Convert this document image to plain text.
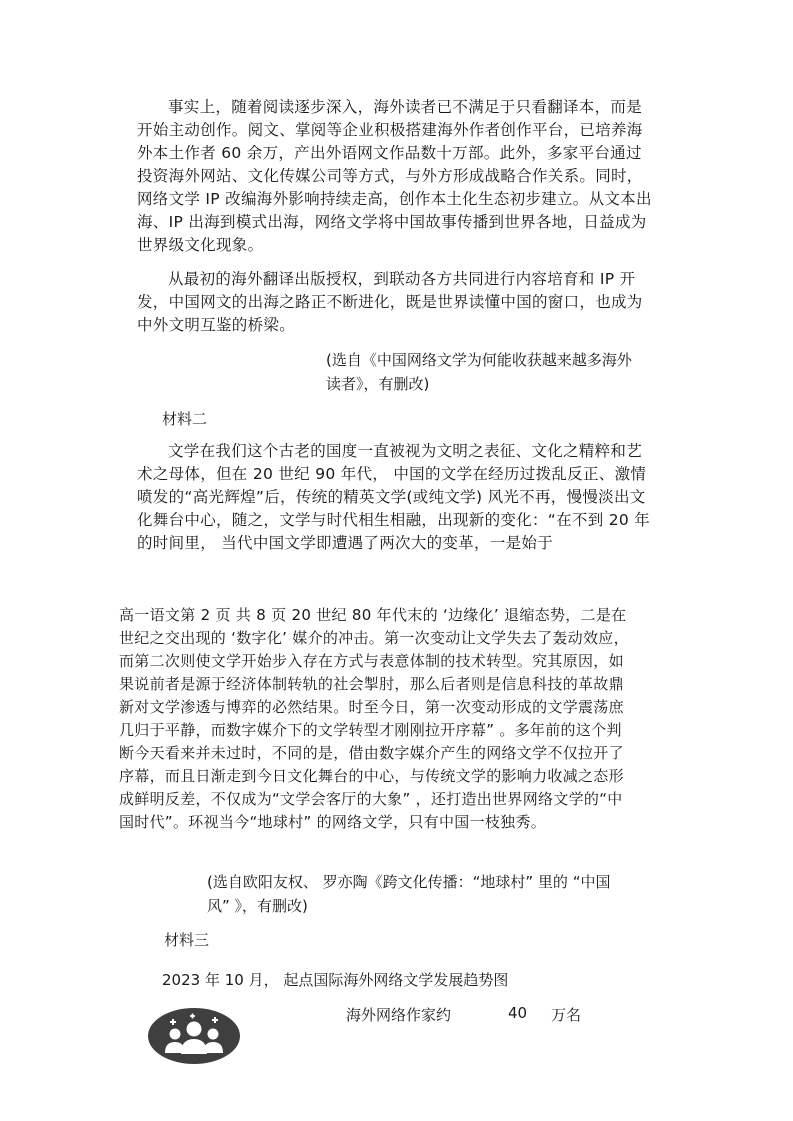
事实上，随着阅读逐步深入，海外读者已不满足于只看翻译本，而是开始主动创作。阅文、掌阅等企业积极搭建海外作者创作平台，已培养海外本土作者 60 余万，产出外语网文作品数十万部。此外，多家平台通过投资海外网站、文化传媒公司等方式，与外方形成战略合作关系。同时，网络文学 IP 改编海外影响持续走高，创作本土化生态初步建立。从文本出海、IP 出海到模式出海，网络文学将中国故事传播到世界各地，日益成为世界级文化现象。
从最初的海外翻译出版授权，到联动各方共同进行内容培育和 IP 开发，中国网文的出海之路正不断进化，既是世界读懂中国的窗口，也成为中外文明互鉴的桥梁。
(选自《中国网络文学为何能收获越来越多海外
读者》，有删改)
材料二
文学在我们这个古老的国度一直被视为文明之表征、文化之精粹和艺术之母体，但在 20 世纪 90 年代， 中国的文学在经历过拨乱反正、激情喷发的“高光辉煌”后，传统的精英文学(或纯文学) 风光不再，慢慢淡出文化舞台中心，随之，文学与时代相生相融，出现新的变化：“在不到 20 年的时间里， 当代中国文学即遭遇了两次大的变革，一是始于
高一语文第 2 页 共 8 页 20 世纪 80 年代末的 ‘边缘化’ 退缩态势，二是在世纪之交出现的 ‘数字化’ 媒介的冲击。第一次变动让文学失去了轰动效应，而第二次则使文学开始步入存在方式与表意体制的技术转型。究其原因，如果说前者是源于经济体制转轨的社会掣肘，那么后者则是信息科技的革故鼎新对文学渗透与博弈的必然结果。时至今日，第一次变动形成的文学震荡庶几归于平静，而数字媒介下的文学转型才刚刚拉开序幕” 。多年前的这个判断今天看来并未过时，不同的是，借由数字媒介产生的网络文学不仅拉开了序幕，而且日渐走到今日文化舞台的中心，与传统文学的影响力收减之态形成鲜明反差，不仅成为“文学会客厅的大象” ，还打造出世界网络文学的“中国时代”。环视当今“地球村” 的网络文学，只有中国一枝独秀。
(选自欧阳友权、 罗亦陶《跨文化传播：“地球村” 里的 “中国
风” 》，有删改)
材料三
2023 年 10 月， 起点国际海外网络文学发展趋势图
海外网络作家约	40 万名
